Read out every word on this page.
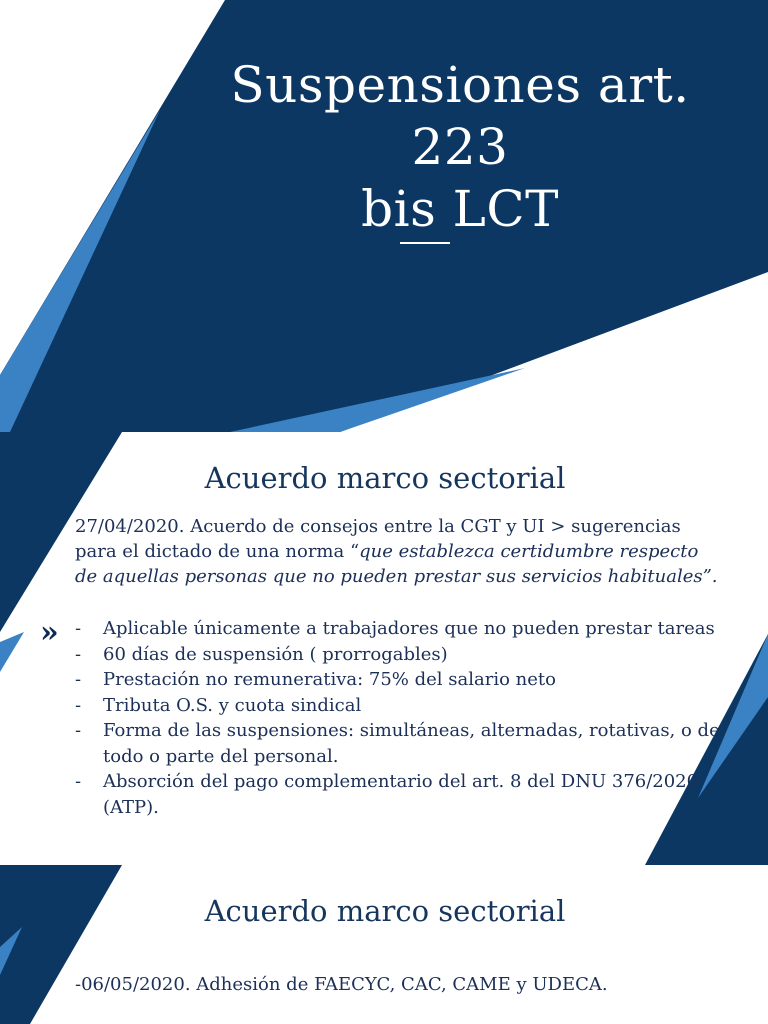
Suspensiones art. 223
bis LCT
Acuerdo marco sectorial
27/04/2020. Acuerdo de consejos entre la CGT y UI > sugerencias para el dictado de una norma “que establezca certidumbre respecto de aquellas personas que no pueden prestar sus servicios habituales”.
»
-	Aplicable únicamente a trabajadores que no pueden prestar tareas
- 60 días de suspensión ( prorrogables)
- Prestación no remunerativa: 75% del salario neto
- Tributa O.S. y cuota sindical
- Forma de las suspensiones: simultáneas, alternadas, rotativas, o de todo o parte del personal.
- Absorción del pago complementario del art. 8 del DNU 376/2020 (ATP).
Acuerdo marco sectorial
-06/05/2020. Adhesión de FAECYC, CAC, CAME y UDECA.
